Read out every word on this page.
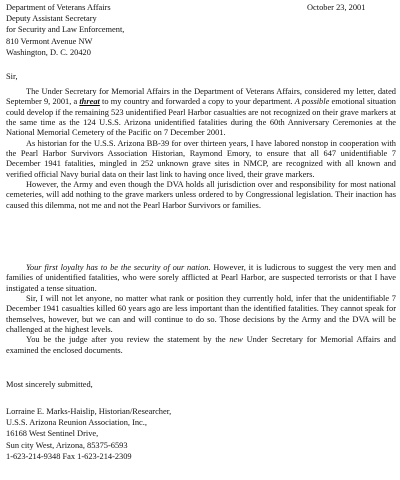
October 23, 2001
Department of Veterans Affairs
Deputy Assistant Secretary
for Security and Law Enforcement,
810 Vermont Avenue NW
Washington, D. C. 20420
Sir,

The Under Secretary for Memorial Affairs in the Department of Veterans Affairs, considered my letter, dated September 9, 2001, a threat to my country and forwarded a copy to your department. A possible emotional situation could develop if the remaining 523 unidentified Pearl Harbor casualties are not recognized on their grave markers at the same time as the 124 U.S.S. Arizona unidentified fatalities during the 60th Anniversary Ceremonies at the National Memorial Cemetery of the Pacific on 7 December 2001.

As historian for the U.S.S. Arizona BB-39 for over thirteen years, I have labored nonstop in cooperation with the Pearl Harbor Survivors Association Historian, Raymond Emory, to ensure that all 647 unidentifiable 7 December 1941 fatalities, mingled in 252 unknown grave sites in NMCP, are recognized with all known and verified official Navy burial data on their last link to having once lived, their grave markers.

However, the Army and even though the DVA holds all jurisdiction over and responsibility for most national cemeteries, will add nothing to the grave markers unless ordered to by Congressional legislation. Their inaction has caused this dilemma, not me and not the Pearl Harbor Survivors or families.

Your first loyalty has to be the security of our nation. However, it is ludicrous to suggest the very men and families of unidentified fatalities, who were sorely afflicted at Pearl Harbor, are suspected terrorists or that I have instigated a tense situation.

Sir, I will not let anyone, no matter what rank or position they currently hold, infer that the unidentifiable 7 December 1941 casualties killed 60 years ago are less important than the identified fatalities. They cannot speak for themselves, however, but we can and will continue to do so. Those decisions by the Army and the DVA will be challenged at the highest levels.

You be the judge after you review the statement by the new Under Secretary for Memorial Affairs and examined the enclosed documents.

Most sincerely submitted,
Lorraine E. Marks-Haislip, Historian/Researcher,
U.S.S. Arizona Reunion Association, Inc.,
16168 West Sentinel Drive,
Sun city West, Arizona, 85375-6593
1-623-214-9348 Fax 1-623-214-2309
